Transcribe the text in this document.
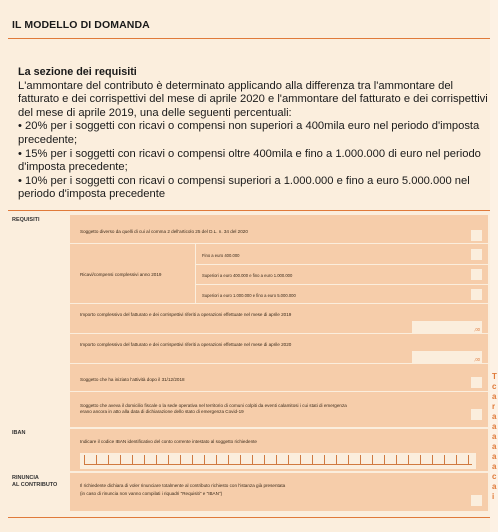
IL MODELLO DI DOMANDA
La sezione dei requisiti
L'ammontare del contributo è determinato applicando alla differenza tra l'ammontare del fatturato e dei corrispettivi del mese di aprile 2020 e l'ammontare del fatturato e dei corrispettivi del mese di aprile 2019, una delle seguenti percentuali:
• 20% per i soggetti con ricavi o compensi non superiori a 400mila euro nel periodo d'imposta precedente;
• 15% per i soggetti con ricavi o compensi oltre 400mila e fino a 1.000.000 di euro nel periodo d'imposta precedente;
• 10% per i soggetti con ricavi o compensi superiori a 1.000.000 e fino a euro 5.000.000 nel periodo d'imposta precedente
REQUISITI
Soggetto diverso da quelli di cui al comma 2 dell'articolo 25 del D.L. n. 34 del 2020
Ricavi/compensi complessivi anno 2019
Fino a euro 400.000
Superiori a euro 400.000 e fino a euro 1.000.000
Superiori a euro 1.000.000 e fino a euro 5.000.000
Importo complessivo del fatturato e dei corrispettivi riferiti a operazioni effettuate nel mese di aprile 2019
,00
Importo complessivo del fatturato e dei corrispettivi riferiti a operazioni effettuate nel mese di aprile 2020
,00
Soggetto che ha iniziato l'attività dopo il 31/12/2018
Soggetto che aveva il domicilio fiscale o la sede operativa nel territorio di comuni colpiti da eventi calamitosi i cui stati di emergenza erano ancora in atto alla data di dichiarazione dello stato di emergenza Covid-19
IBAN
Indicare il codice IBAN identificativo del conto corrente intestato al soggetto richiedente
RINUNCIA
AL CONTRIBUTO	Il richiedente dichiara di voler rinunciare totalmente al contributo richiesto con l'istanza già presentata
(in caso di rinuncia non vanno compilati i riquadri "Requisiti" e "IBAN")
T
c
a
r
a
a
a
a
a
a
c
a
i
